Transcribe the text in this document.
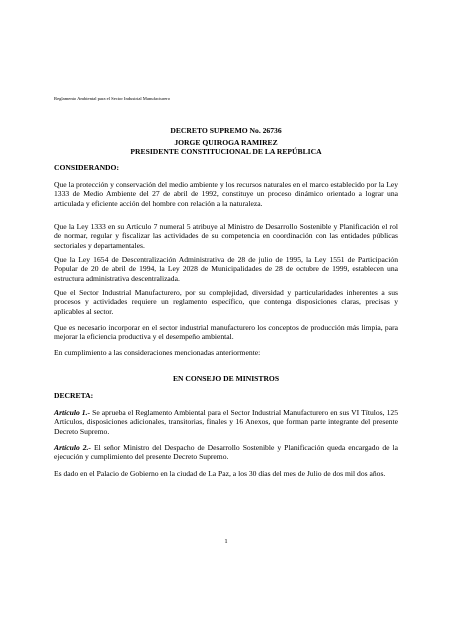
Reglamento Ambiental para el Sector Industrial Manufacturero
DECRETO SUPREMO No. 26736
JORGE QUIROGA RAMIREZ
PRESIDENTE CONSTITUCIONAL DE LA REPÚBLICA
CONSIDERANDO:
Que la protección y conservación del medio ambiente y los recursos naturales en el marco establecido por la Ley 1333 de Medio Ambiente del 27 de abril de 1992, constituye un proceso dinámico orientado a lograr una articulada y eficiente acción del hombre con relación a la naturaleza.
Que la Ley 1333 en su Artículo 7 numeral 5 atribuye al Ministro de Desarrollo Sostenible y Planificación el rol de normar, regular y fiscalizar las actividades de su competencia en coordinación con las entidades públicas sectoriales y departamentales.
Que la Ley 1654 de Descentralización Administrativa de 28 de julio de 1995, la Ley 1551 de Participación Popular de 20 de abril de 1994, la Ley 2028 de Municipalidades de 28 de octubre de 1999, establecen una estructura administrativa descentralizada.
Que el Sector Industrial Manufacturero, por su complejidad, diversidad y particularidades inherentes a sus procesos y actividades requiere un reglamento específico, que contenga disposiciones claras, precisas y aplicables al sector.
Que es necesario incorporar en el sector industrial manufacturero los conceptos de producción más limpia, para mejorar la eficiencia productiva y el desempeño ambiental.
En cumplimiento a las consideraciones mencionadas anteriormente:
EN CONSEJO DE MINISTROS
DECRETA:
Artículo 1.- Se aprueba el Reglamento Ambiental para el Sector Industrial Manufacturero en sus VI Títulos, 125 Artículos, disposiciones adicionales, transitorias, finales y 16 Anexos, que forman parte integrante del presente Decreto Supremo.
Artículo 2.- El señor Ministro del Despacho de Desarrollo Sostenible y Planificación queda encargado de la ejecución y cumplimiento del presente Decreto Supremo.
Es dado en el Palacio de Gobierno en la ciudad de La Paz, a los 30 días del mes de Julio de dos mil dos años.
1
